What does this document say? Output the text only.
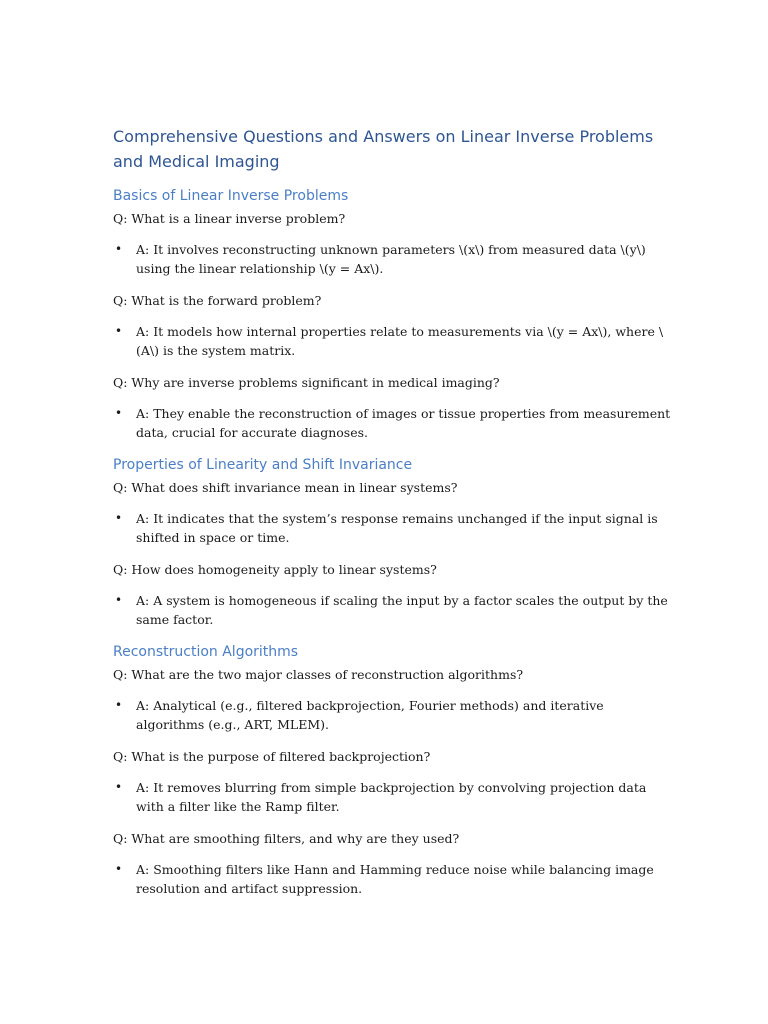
Comprehensive Questions and Answers on Linear Inverse Problems and Medical Imaging
Basics of Linear Inverse Problems

Q: What is a linear inverse problem?

• A: It involves reconstructing unknown parameters \(x\) from measured data \(y\) using the linear relationship \(y = Ax\).

Q: What is the forward problem?

• A: It models how internal properties relate to measurements via \(y = Ax\), where \(A\) is the system matrix.

Q: Why are inverse problems significant in medical imaging?

• A: They enable the reconstruction of images or tissue properties from measurement data, crucial for accurate diagnoses.
Properties of Linearity and Shift Invariance

Q: What does shift invariance mean in linear systems?

• A: It indicates that the system’s response remains unchanged if the input signal is shifted in space or time.

Q: How does homogeneity apply to linear systems?

• A: A system is homogeneous if scaling the input by a factor scales the output by the same factor.
Reconstruction Algorithms

Q: What are the two major classes of reconstruction algorithms?

• A: Analytical (e.g., filtered backprojection, Fourier methods) and iterative algorithms (e.g., ART, MLEM).

Q: What is the purpose of filtered backprojection?

• A: It removes blurring from simple backprojection by convolving projection data with a filter like the Ramp filter.

Q: What are smoothing filters, and why are they used?

• A: Smoothing filters like Hann and Hamming reduce noise while balancing image resolution and artifact suppression.
